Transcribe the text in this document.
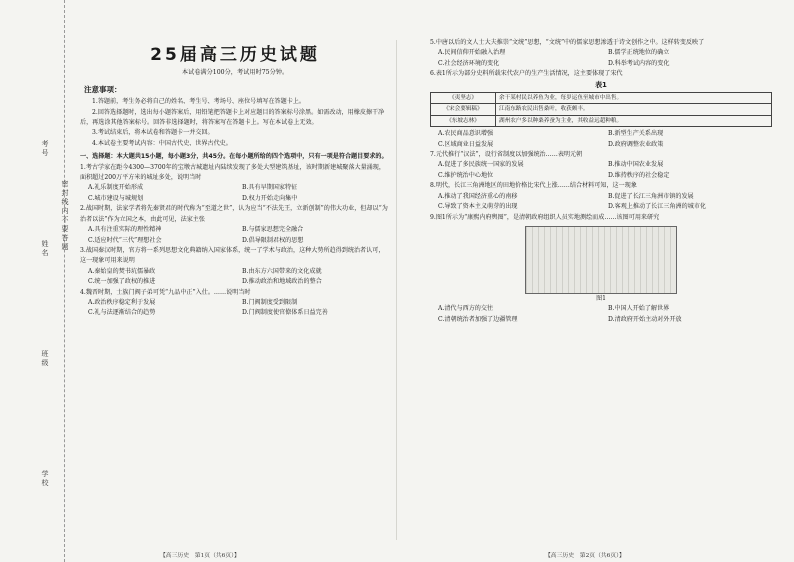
考号
姓名
班级
学校
密封线内不要答题
25届高三历史试题
本试卷满分100分，考试用时75分钟。
注意事项：

1.答题前，考生务必将自己的姓名、考生号、考场号、座位号填写在答题卡上。

2.回答选择题时，选出每小题答案后，用铅笔把答题卡上对应题目的答案标号涂黑。如需改动，用橡皮擦干净后，再选涂其他答案标号。回答非选择题时，将答案写在答题卡上。写在本试卷上无效。

3.考试结束后，将本试卷和答题卡一并交回。

4.本试卷主要考试内容：中国古代史、世界古代史。

一、选择题：本大题共15小题，每小题3分，共45分。在每小题所给的四个选项中，只有一项是符合题目要求的。

1.考古学家在距今4300—3700年的宝墩古城遗址内陆续发现了多处大型建筑基址，该时期新建城聚落大量涌现，面积超过200万平方米的城址多处，说明当时

A.礼乐制度开始形成	B.具有早期国家特征
C.城市建设与城规划	D.权力开始走向集中

2.战国时期，法家学者将先秦贤君的时代称为“至道之世”，认为应当“不法先王，立新创制”的伟大功业，但却以“为治者以法”作为立国之本，由此可见，法家主张

A.具有注重实际的理性精神	B.与儒家思想完全融合
C.适应时代“三代”理想社会	D.倡导限制君权的思想

3.战国秦汉时期，官方将一系列思想文化典籍纳入国家体系，统一了学术与政治，这种大势所趋得到统治者认可，这一现象可用来说明

A.秦始皇的焚书坑儒暴政	B.由东方六国带来的文化成就
C.统一加强了政权的推进	D.推动政治和地域政治的整合

4.魏晋时期，士族门阀子弟可凭“九品中正”入仕。……说明当时

A.政治秩序稳定利于发展	B.门阀制度受到限制
C.礼与法逐渐结合的趋势	D.门阀制度使官僚体系日益完善

5.中唐以后的文人士大夫推崇“文统”思想，“文统”中的儒家思想渗透于诗文创作之中。这样转变反映了

A.民间信仰开始融入治理	B.儒学正统地位的确立
C.社会经济环境的变化	D.科举考试内容的变化

6.表1所示为部分史料所载宋代农户的生产生活情况，这主要体现了宋代

表1
《夷坚志》	余干某村民以养鱼为业，每岁运鱼至城市中出售。
《宋会要辑稿》	江南东路农民出售桑叶，收获颇丰。
《东坡志林》	湖州农户多以种桑养蚕为主业，其收益远超种粮。
A.农民商品意识增强	B.新型生产关系出现
C.区域商业日益发展	D.政府调整农业政策

7.元代推行“汉法”，设行省制度以加强统治……表明元朝

A.促进了多民族统一国家的发展	B.推动中国农业发展
C.维护统治中心地位	D.维持秩序的社会稳定

8.明代，长江三角洲地区的田地价格比宋代上涨……结合材料可知，这一现象

A.推动了我国经济重心的南移	B.促进了长江三角洲市镇的发展
C.导致了资本主义萌芽的出现	D.客观上推动了长江三角洲的城市化

9.图1所示为“康熙内府舆图”，是清朝政府组织人员实地测绘而成……该图可用来研究

图1
A.清代与西方的交往	B.中国人开始了解世界
C.清朝统治者加强了边疆管理	D.清政府开始主动对外开放
【高三历史　第1页（共6页）】	【高三历史　第2页（共6页）】
